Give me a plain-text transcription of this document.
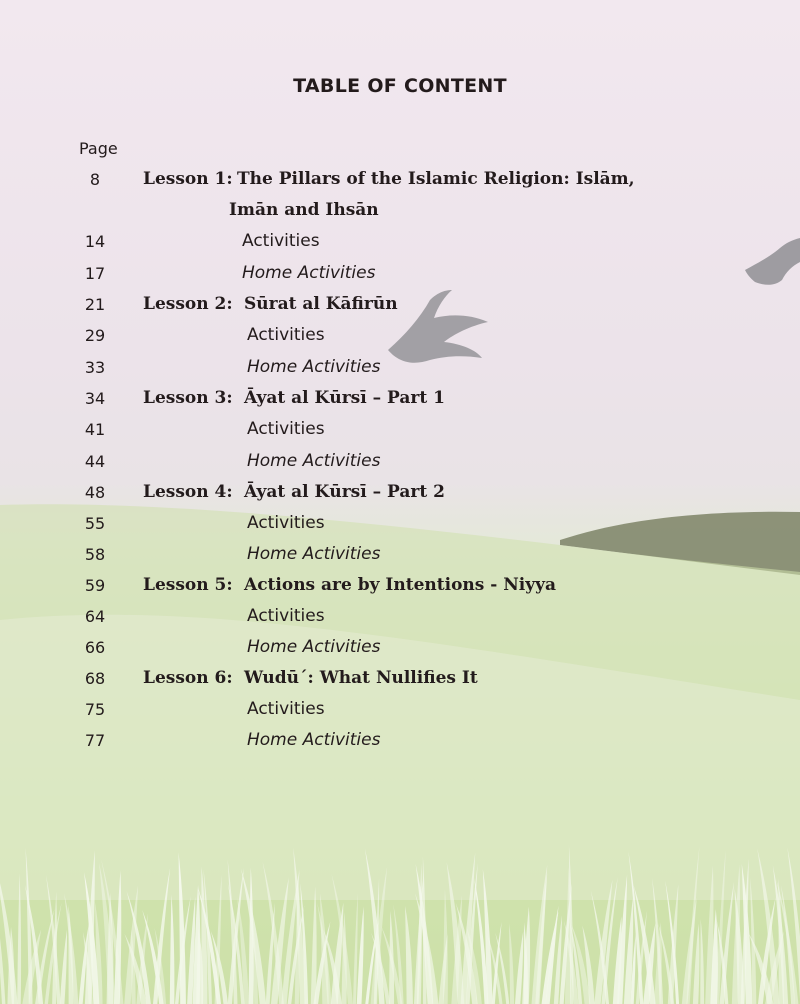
TABLE OF CONTENT
Page
8	Lesson 1: The Pillars of the Islamic Religion: Islām,
Imān and Ihsān
14	Activities
17	Home Activities
21	Lesson 2: Sūrat al Kāfirūn
29	Activities
33	Home Activities
34	Lesson 3: Āyat al Kūrsī – Part 1
41	Activities
44	Home Activities
48	Lesson 4: Āyat al Kūrsī – Part 2
55	Activities
58	Home Activities
59	Lesson 5: Actions are by Intentions - Niyya
64	Activities
66	Home Activities
68	Lesson 6: Wudū´: What Nullifies It
75	Activities
77	Home Activities
